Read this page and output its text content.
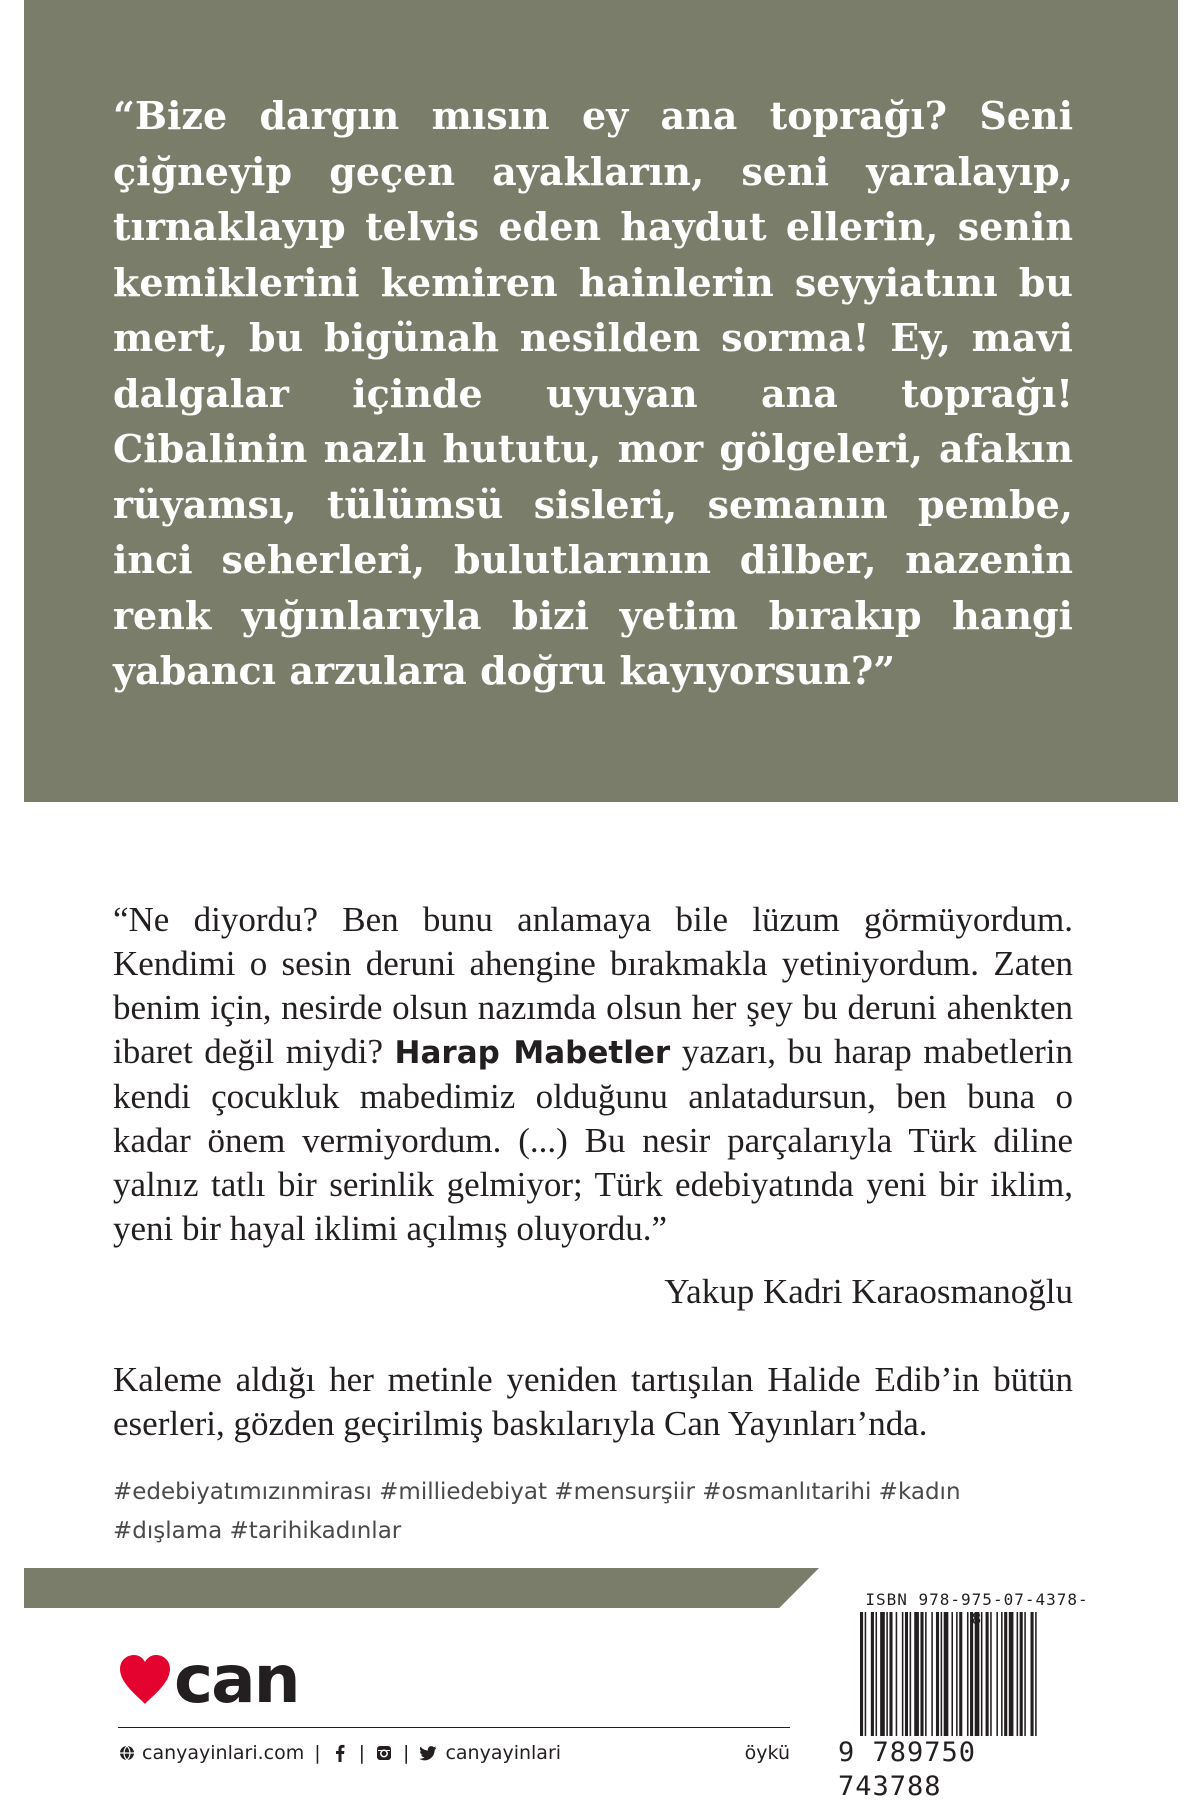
“Bize dargın mısın ey ana toprağı? Seni çiğneyip geçen ayakların, seni yaralayıp, tırnaklayıp telvis eden haydut ellerin, senin kemiklerini kemiren hainlerin seyyiatını bu mert, bu bigünah nesilden sorma! Ey, mavi dalgalar içinde uyuyan ana toprağı! Cibalinin nazlı hututu, mor gölgeleri, afakın rüyamsı, tülümsü sisleri, semanın pembe, inci seherleri, bulutlarının dilber, nazenin renk yığınlarıyla bizi yetim bırakıp hangi yabancı arzulara doğru kayıyorsun?”

“Ne diyordu? Ben bunu anlamaya bile lüzum görmüyordum. Kendimi o sesin deruni ahengine bırakmakla yetiniyordum. Zaten benim için, nesirde olsun nazımda olsun her şey bu deruni ahenkten ibaret değil miydi? Harap Mabetler yazarı, bu harap mabetlerin kendi çocukluk mabedimiz olduğunu anlatadursun, ben buna o kadar önem vermiyordum. (...) Bu nesir parçalarıyla Türk diline yalnız tatlı bir serinlik gelmiyor; Türk edebiyatında yeni bir iklim, yeni bir hayal iklimi açılmış oluyordu.”

Yakup Kadri Karaosmanoğlu

Kaleme aldığı her metinle yeniden tartışılan Halide Edib’in bütün eserleri, gözden geçirilmiş baskılarıyla Can Yayınları’nda.

#edebiyatımızınmirası #milliedebiyat #mensurşiir #osmanlıtarihi #kadın #dışlama #tarihikadınlar

can
canyayinlari.com | | | canyayinlari	öykü
ISBN 978-975-07-4378-
9 789750 743788
